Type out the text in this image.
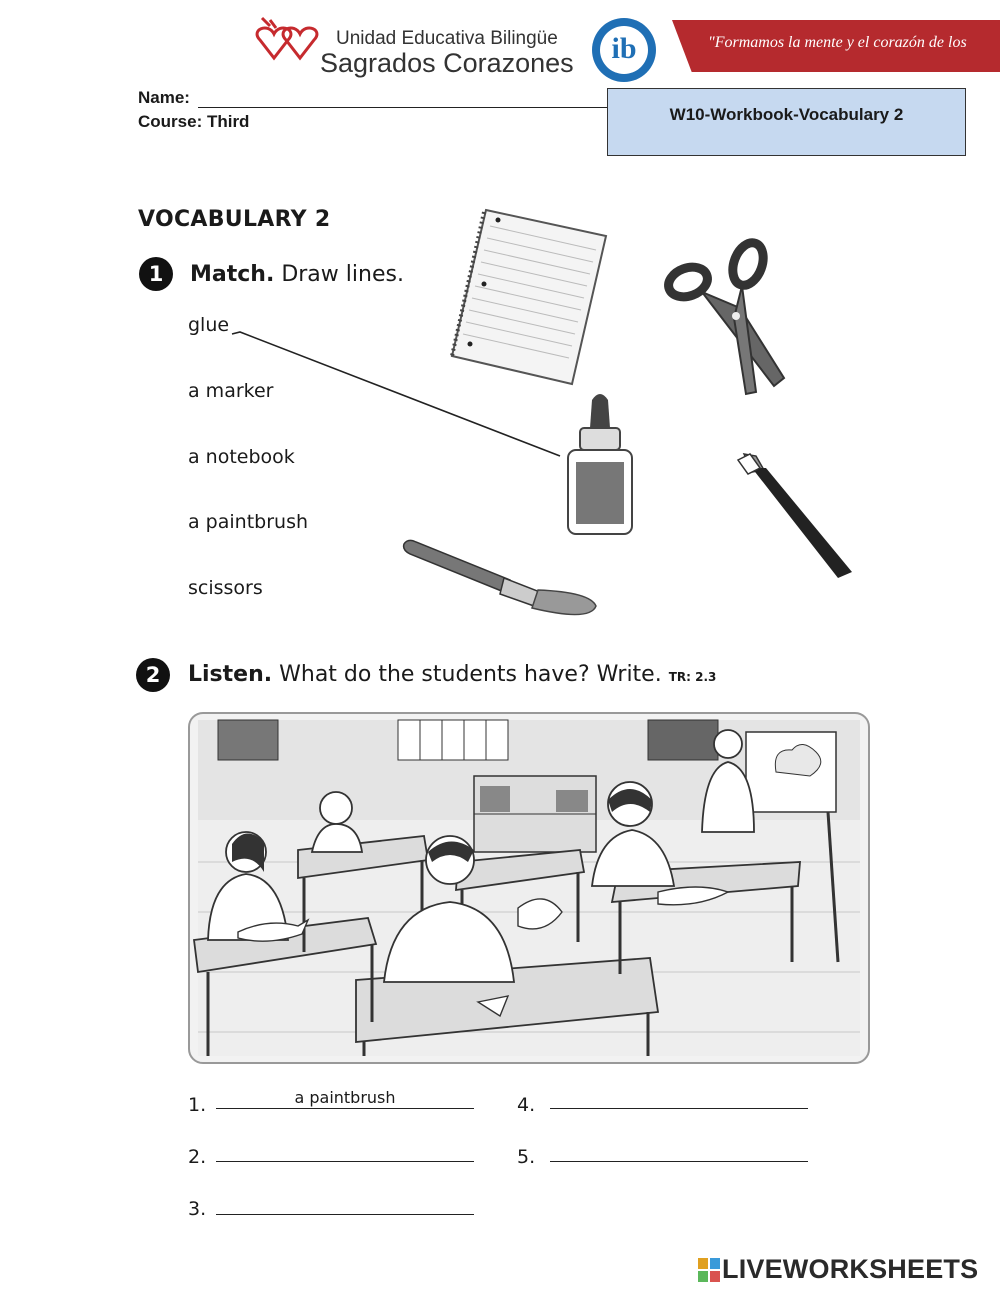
Unidad Educativa Bilingüe
Sagrados Corazones	ib	"Formamos la mente y el corazón de los
Name:
Course: Third	W10-Workbook-Vocabulary 2
VOCABULARY 2
1	Match. Draw lines.
glue
a marker
a notebook
a paintbrush
scissors
2	Listen. What do the students have? Write. TR: 2.3
1.	a paintbrush
2.
3.
4.
5.
LIVEWORKSHEETS
